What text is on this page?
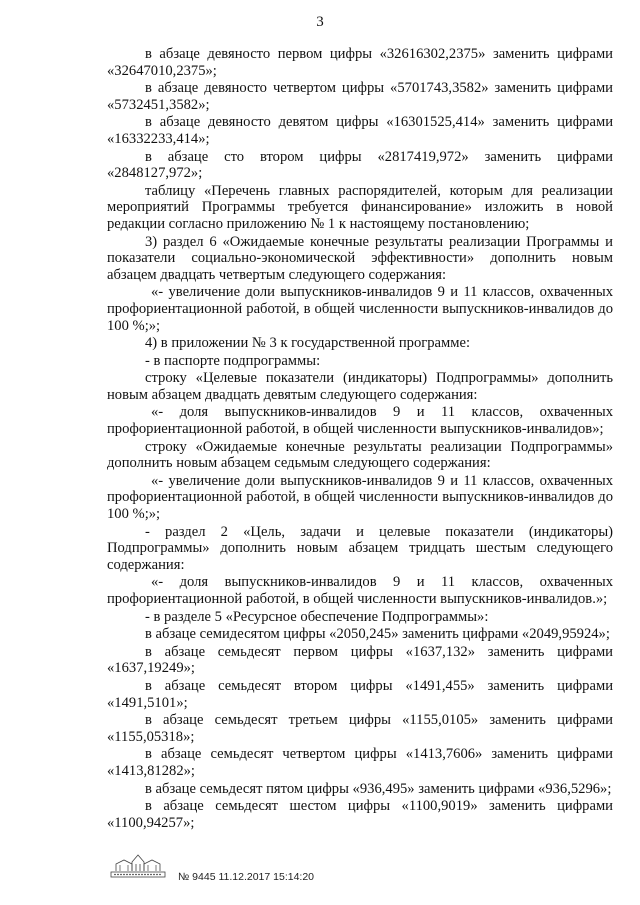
3

в абзаце девяносто первом цифры «32616302,2375» заменить цифрами «32647010,2375»;

в абзаце девяносто четвертом цифры «5701743,3582» заменить цифрами «5732451,3582»;

в абзаце девяносто девятом цифры «16301525,414» заменить цифрами «16332233,414»;

в абзаце сто втором цифры «2817419,972» заменить цифрами «2848127,972»;

таблицу «Перечень главных распорядителей, которым для реализации мероприятий Программы требуется финансирование» изложить в новой редакции согласно приложению № 1 к настоящему постановлению;

3) раздел 6 «Ожидаемые конечные результаты реализации Программы и показатели социально-экономической эффективности» дополнить новым абзацем двадцать четвертым следующего содержания:

«- увеличение доли выпускников-инвалидов 9 и 11 классов, охваченных профориентационной работой, в общей численности выпускников-инвалидов до 100 %;»;

4) в приложении № 3 к государственной программе:

- в паспорте подпрограммы:

строку «Целевые показатели (индикаторы) Подпрограммы» дополнить новым абзацем двадцать девятым следующего содержания:

«- доля выпускников-инвалидов 9 и 11 классов, охваченных профориентационной работой, в общей численности выпускников-инвалидов»;

строку «Ожидаемые конечные результаты реализации Подпрограммы» дополнить новым абзацем седьмым следующего содержания:

«- увеличение доли выпускников-инвалидов 9 и 11 классов, охваченных профориентационной работой, в общей численности выпускников-инвалидов до 100 %;»;

- раздел 2 «Цель, задачи и целевые показатели (индикаторы) Подпрограммы» дополнить новым абзацем тридцать шестым следующего содержания:

«- доля выпускников-инвалидов 9 и 11 классов, охваченных профориентационной работой, в общей численности выпускников-инвалидов.»;

- в разделе 5 «Ресурсное обеспечение Подпрограммы»:

в абзаце семидесятом цифры «2050,245» заменить цифрами «2049,95924»;

в абзаце семьдесят первом цифры «1637,132» заменить цифрами «1637,19249»;

в абзаце семьдесят втором цифры «1491,455» заменить цифрами «1491,5101»;

в абзаце семьдесят третьем цифры «1155,0105» заменить цифрами «1155,05318»;

в абзаце семьдесят четвертом цифры «1413,7606» заменить цифрами «1413,81282»;

в абзаце семьдесят пятом цифры «936,495» заменить цифрами «936,5296»;

в абзаце семьдесят шестом цифры «1100,9019» заменить цифрами «1100,94257»;

№ 9445 11.12.2017 15:14:20
